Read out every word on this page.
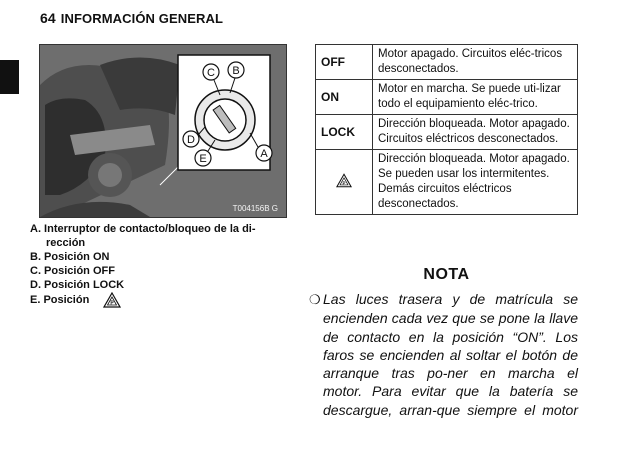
64 INFORMACIÓN GENERAL
A
B
C
D
E
T004156B G
A. Interruptor de contacto/bloqueo de la di-
rección
B. Posición ON
C. Posición OFF
D. Posición LOCK
E. Posición	P
OFF	Motor apagado. Circuitos eléc-tricos desconectados.
ON	Motor en marcha. Se puede uti-lizar todo el equipamiento eléc-trico.
LOCK	Dirección bloqueada. Motor apagado. Circuitos eléctricos desconectados.

P	Dirección bloqueada. Motor apagado. Se pueden usar los intermitentes. Demás circuitos eléctricos desconectados.
NOTA
❍ Las luces trasera y de matrícula se encienden cada vez que se pone la llave de contacto en la posición “ON”. Los faros se encienden al soltar el botón de arranque tras po-ner en marcha el motor. Para evitar que la batería se descargue, arran-que siempre el motor
